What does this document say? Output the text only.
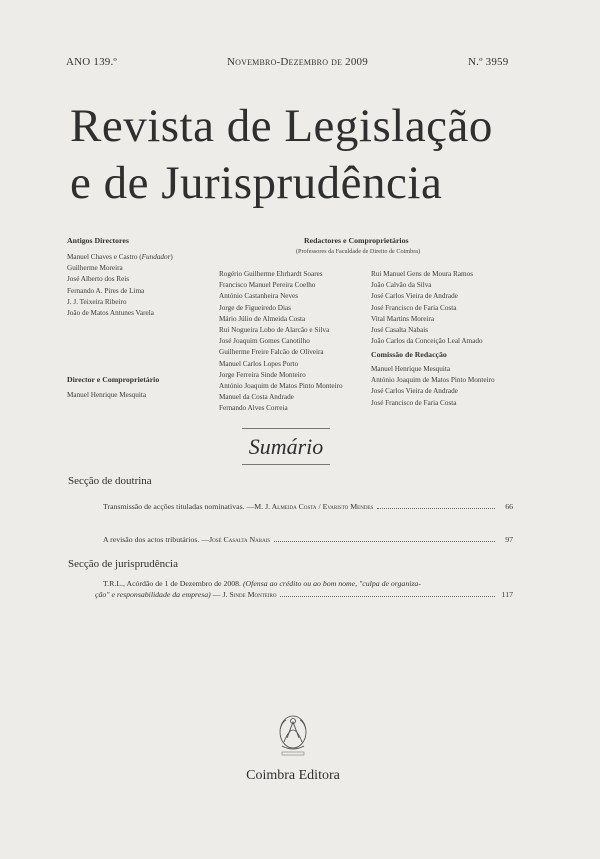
ANO 139.º	Novembro-Dezembro de 2009	N.º 3959
Revista de Legislação
e de Jurisprudência
Antigos Directores
Manuel Chaves e Castro (Fundador)
Guilherme Moreira
José Alberto dos Reis
Fernando A. Pires de Lima
J. J. Teixeira Ribeiro
João de Matos Antunes Varela
Director e Comproprietário
Manuel Henrique Mesquita
Redactores e Comproprietários
(Professores da Faculdade de Direito de Coimbra)
Rogério Guilherme Ehrhardt Soares
Francisco Manuel Pereira Coelho
António Castanheira Neves
Jorge de Figueiredo Dias
Mário Júlio de Almeida Costa
Rui Nogueira Lobo de Alarcão e Silva
José Joaquim Gomes Canotilho
Guilherme Freire Falcão de Oliveira
Manuel Carlos Lopes Porto
Jorge Ferreira Sinde Monteiro
António Joaquim de Matos Pinto Monteiro
Manuel da Costa Andrade
Fernando Alves Correia
Rui Manuel Gens de Moura Ramos
João Calvão da Silva
José Carlos Vieira de Andrade
José Francisco de Faria Costa
Vital Martins Moreira
José Casalta Nabais
João Carlos da Conceição Leal Amado
Comissão de Redacção
Manuel Henrique Mesquita
António Joaquim de Matos Pinto Monteiro
José Carlos Vieira de Andrade
José Francisco de Faria Costa
Sumário
Secção de doutrina
Transmissão de acções tituladas nominativas. — M. J. Almeida Costa / Evaristo Mendes	66
A revisão dos actos tributários. — José Casalta Nabais	97
Secção de jurisprudência
T.R.L., Acórdão de 1 de Dezembro de 2008. (Ofensa ao crédito ou ao bom nome, "culpa de organiza-
ção" e responsabilidade da empresa) — J. Sinde Monteiro	117
Coimbra Editora
